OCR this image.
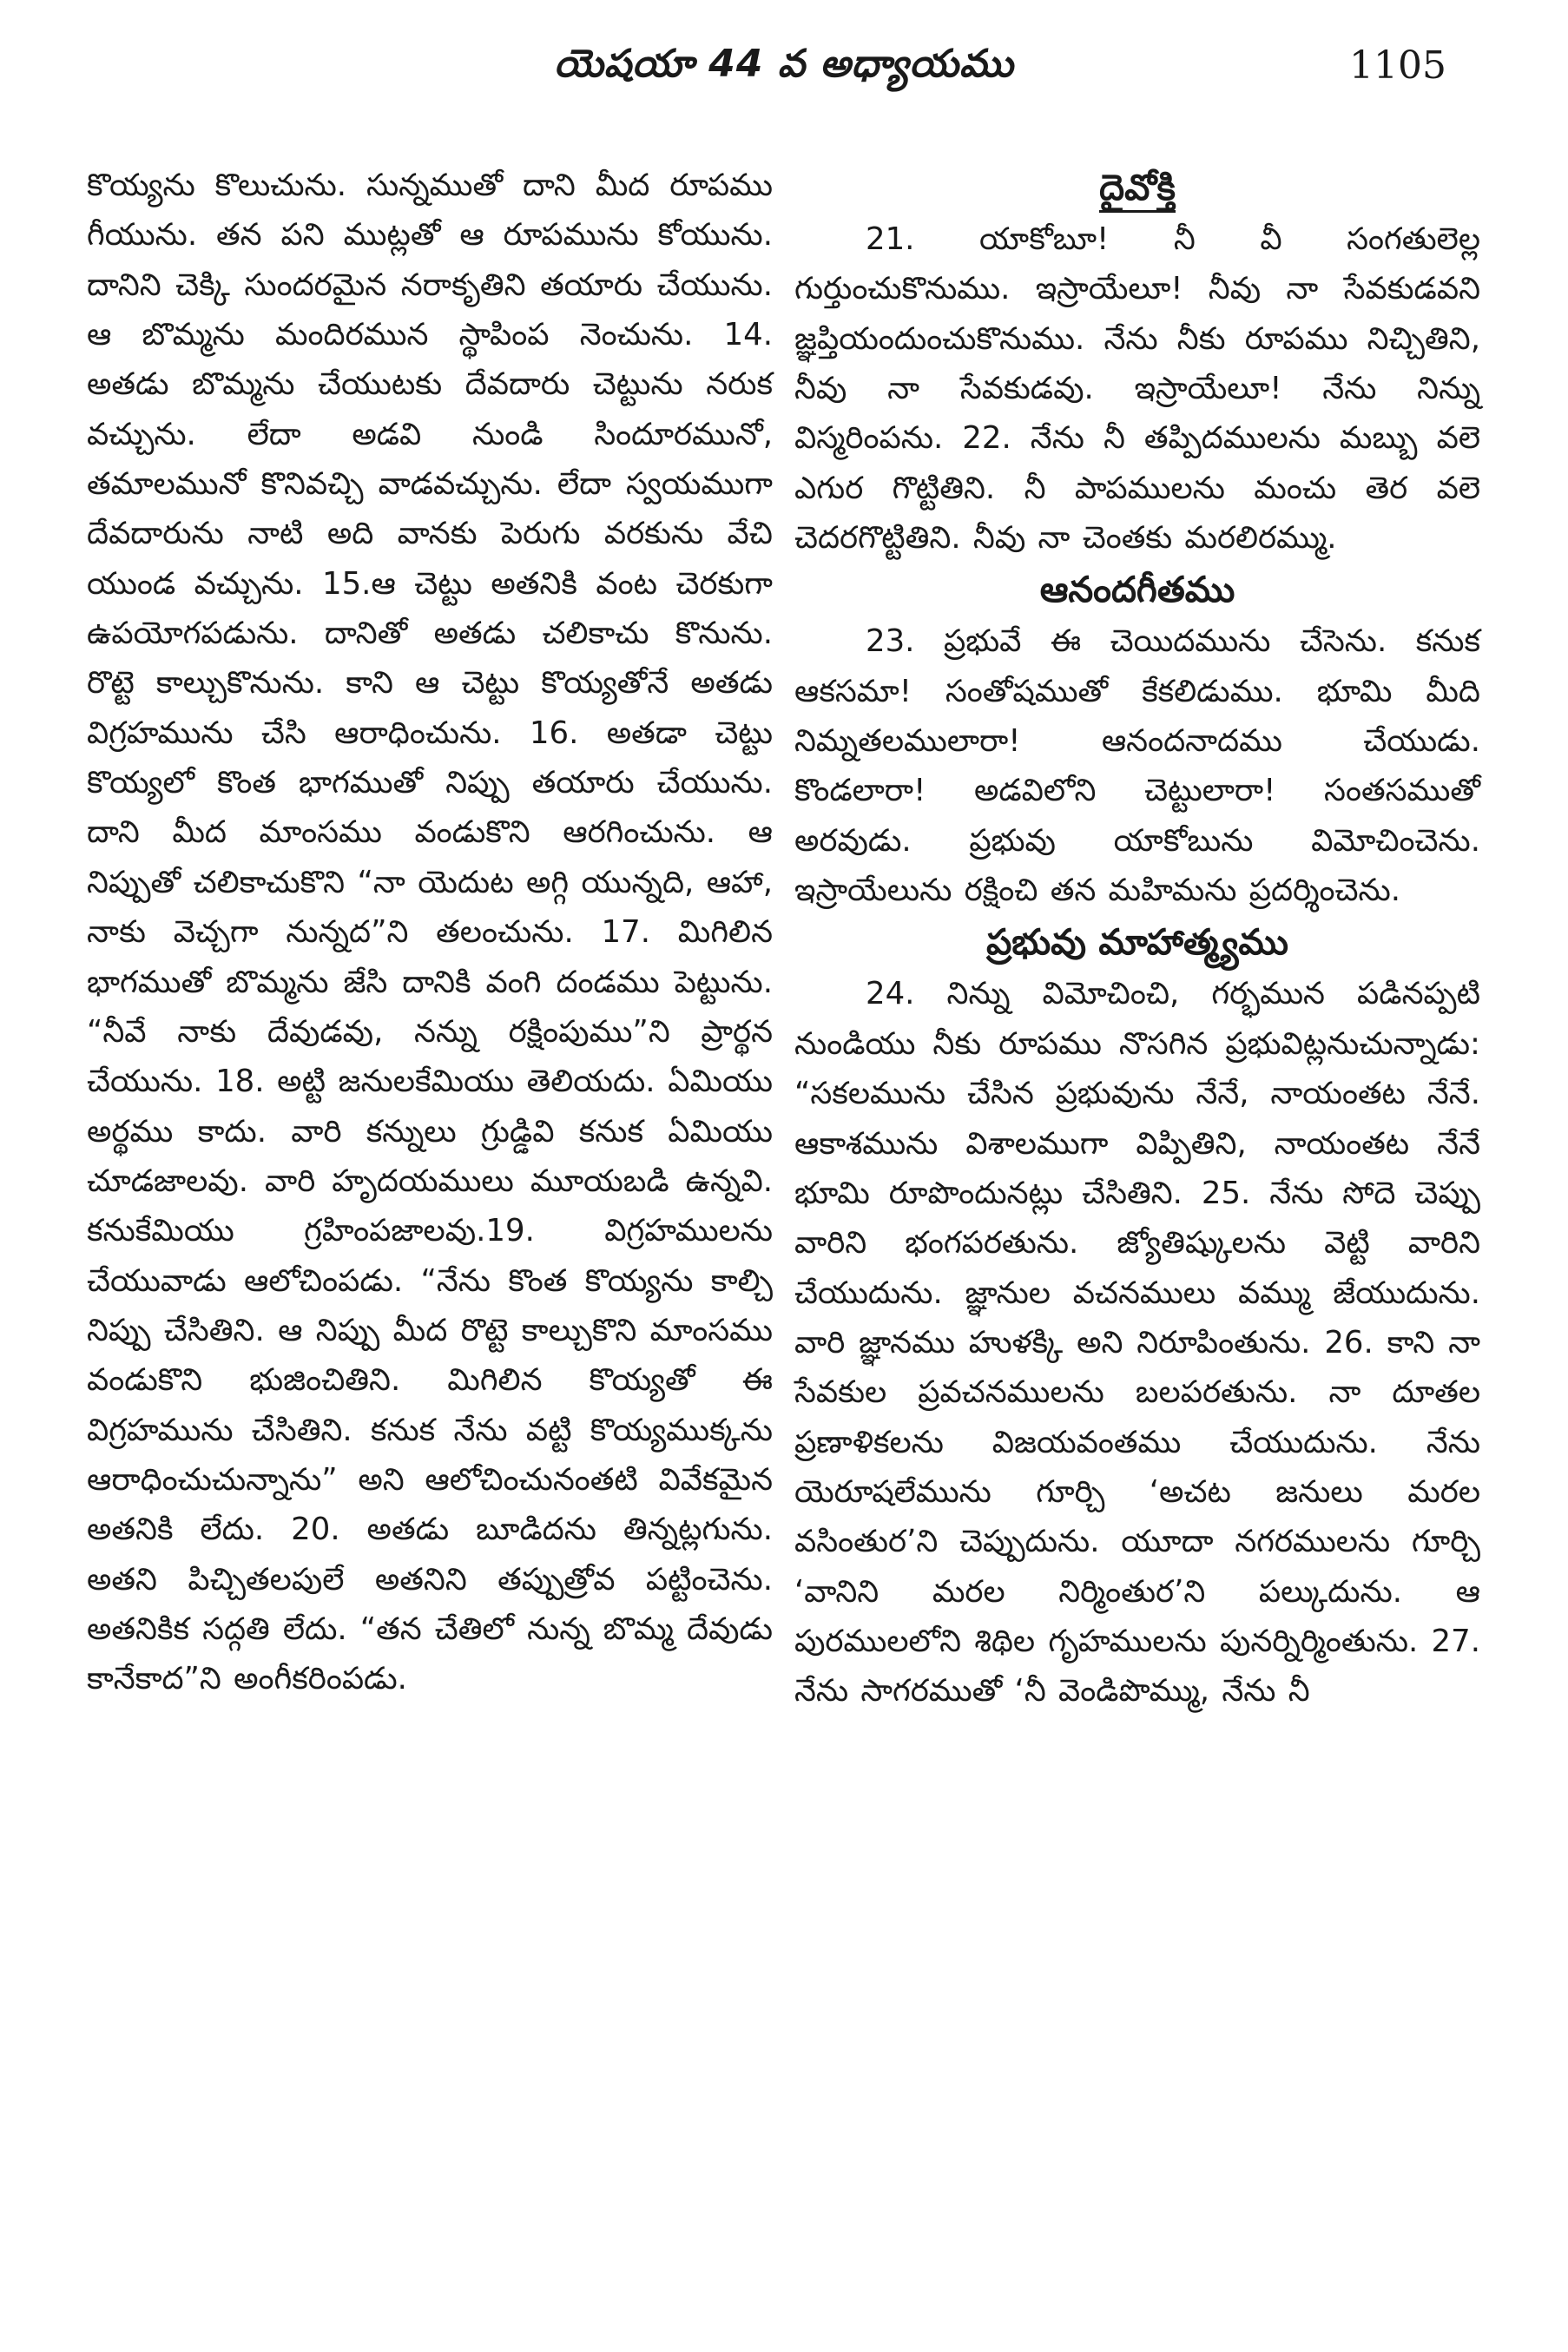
యెషయా 44 వ అధ్యాయము	1105

కొయ్యను కొలుచును. సున్నముతో దాని మీద రూపము గీయును. తన పని ముట్లతో ఆ రూపమును కోయును. దానిని చెక్కి సుందరమైన నరాకృతిని తయారు చేయును. ఆ బొమ్మను మందిరమున స్థాపింప నెంచును. 14. అతడు బొమ్మను చేయుటకు దేవదారు చెట్టును నరుక వచ్చును. లేదా అడవి నుండి సిందూరమునో, తమాలమునో కొనివచ్చి వాడవచ్చును. లేదా స్వయముగా దేవదారును నాటి అది వానకు పెరుగు వరకును వేచి యుండ వచ్చును. 15.ఆ చెట్టు అతనికి వంట చెరకుగా ఉపయోగపడును. దానితో అతడు చలికాచు కొనును. రొట్టె కాల్చుకొనును. కాని ఆ చెట్టు కొయ్యతోనే అతడు విగ్రహమును చేసి ఆరాధించును. 16. అతడా చెట్టు కొయ్యలో కొంత భాగముతో నిప్పు తయారు చేయును. దాని మీద మాంసము వండుకొని ఆరగించును. ఆ నిప్పుతో చలికాచుకొని “నా యెదుట అగ్గి యున్నది, ఆహా, నాకు వెచ్చగా నున్నద”ని తలంచును. 17. మిగిలిన భాగముతో బొమ్మను జేసి దానికి వంగి దండము పెట్టును. “నీవే నాకు దేవుడవు, నన్ను రక్షింపుము”ని ప్రార్థన చేయును. 18. అట్టి జనులకేమియు తెలియదు. ఏమియు అర్థము కాదు. వారి కన్నులు గ్రుడ్డివి కనుక ఏమియు చూడజాలవు. వారి హృదయములు మూయబడి ఉన్నవి. కనుకేమియు గ్రహింపజాలవు.19. విగ్రహములను చేయువాడు ఆలోచింపడు. “నేను కొంత కొయ్యను కాల్చి నిప్పు చేసితిని. ఆ నిప్పు మీద రొట్టె కాల్చుకొని మాంసము వండుకొని భుజించితిని. మిగిలిన కొయ్యతో ఈ విగ్రహమును చేసితిని. కనుక నేను వట్టి కొయ్యముక్కను ఆరాధించుచున్నాను” అని ఆలోచించునంతటి వివేకమైన అతనికి లేదు. 20. అతడు బూడిదను తిన్నట్లగును. అతని పిచ్చితలపులే అతనిని తప్పుత్రోవ పట్టించెను. అతనికిక సద్గతి లేదు. “తన చేతిలో నున్న బొమ్మ దేవుడు కానేకాద”ని అంగీకరింపడు.

దైవోక్తి

21. యాకోబూ! నీ వీ సంగతులెల్ల గుర్తుంచుకొనుము. ఇస్రాయేలూ! నీవు నా సేవకుడవని జ్ఞప్తియందుంచుకొనుము. నేను నీకు రూపము నిచ్చితిని, నీవు నా సేవకుడవు. ఇస్రాయేలూ! నేను నిన్ను విస్మరింపను. 22. నేను నీ తప్పిదములను మబ్బు వలె ఎగుర గొట్టితిని. నీ పాపములను మంచు తెర వలె చెదరగొట్టితిని. నీవు నా చెంతకు మరలిరమ్ము.

ఆనందగీతము

23. ప్రభువే ఈ చెయిదమును చేసెను. కనుక ఆకసమా! సంతోషముతో కేకలిడుము. భూమి మీది నిమ్నతలములారా! ఆనందనాదము చేయుడు. కొండలారా! అడవిలోని చెట్టులారా! సంతసముతో అరవుడు. ప్రభువు యాకోబును విమోచించెను. ఇస్రాయేలును రక్షించి తన మహిమను ప్రదర్శించెను.

ప్రభువు మాహాత్మ్యము

24. నిన్ను విమోచించి, గర్భమున పడినప్పటి నుండియు నీకు రూపము నొసగిన ప్రభువిట్లనుచున్నాడు: “సకలమును చేసిన ప్రభువును నేనే, నాయంతట నేనే. ఆకాశమును విశాలముగా విప్పితిని, నాయంతట నేనే భూమి రూపొందునట్లు చేసితిని. 25. నేను సోదె చెప్పు వారిని భంగపరతును. జ్యోతిష్కులను వెట్టి వారిని చేయుదును. జ్ఞానుల వచనములు వమ్ము జేయుదును. వారి జ్ఞానము హుళక్కి అని నిరూపింతును. 26. కాని నా సేవకుల ప్రవచనములను బలపరతును. నా దూతల ప్రణాళికలను విజయవంతము చేయుదును. నేను యెరూషలేమును గూర్చి ‘అచట జనులు మరల వసింతుర’ని చెప్పుదును. యూదా నగరములను గూర్చి ‘వానిని మరల నిర్మింతుర’ని పల్కుదును. ఆ పురములలోని శిథిల గృహములను పునర్నిర్మింతును. 27. నేను సాగరముతో ‘నీ వెండిపొమ్ము, నేను నీ
